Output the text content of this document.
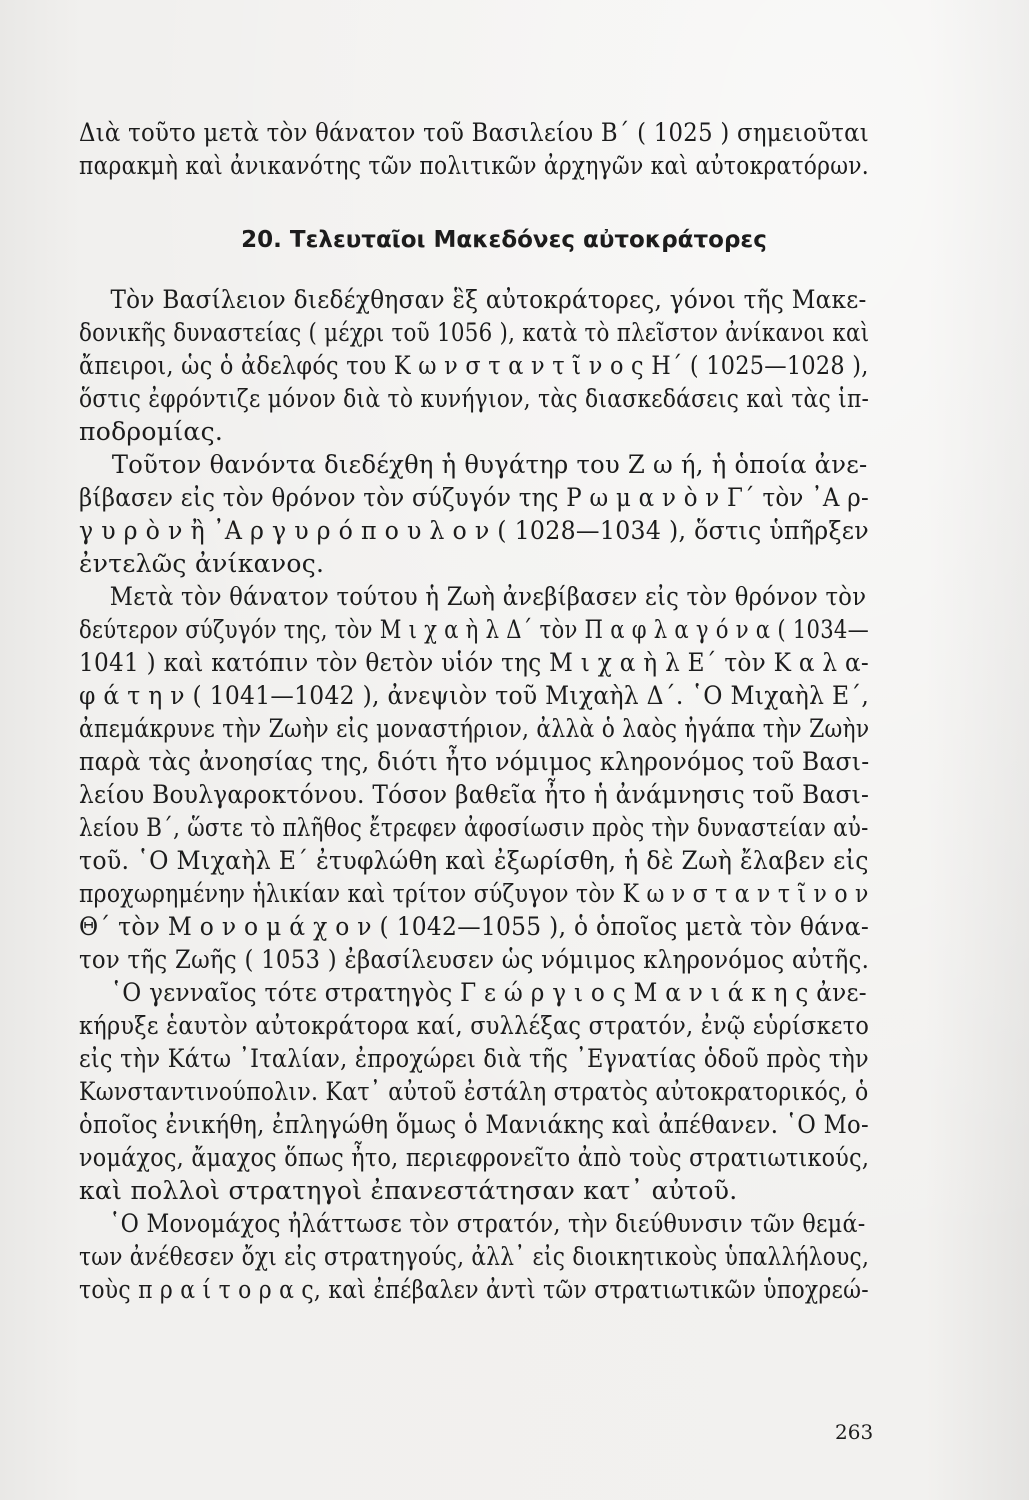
Διὰ τοῦτο μετὰ τὸν θάνατον τοῦ Βασιλείου Β΄ ( 1025 ) σημειοῦται

παρακμὴ καὶ ἀνικανότης τῶν πολιτικῶν ἀρχηγῶν καὶ αὐτοκρατόρων.

20. Τελευταῖοι Μακεδόνες αὐτοκράτορες

Τὸν Βασίλειον διεδέχθησαν ἓξ αὐτοκράτορες, γόνοι τῆς Μακε-

δονικῆς δυναστείας ( μέχρι τοῦ 1056 ), κατὰ τὸ πλεῖστον ἀνίκανοι καὶ

ἄπειροι, ὡς ὁ ἀδελφός του Κ ω ν σ τ α ν τ ῖ ν ο ς Η΄ ( 1025—1028 ),

ὅστις ἐφρόντιζε μόνον διὰ τὸ κυνήγιον, τὰς διασκεδάσεις καὶ τὰς ἱπ-

ποδρομίας.

Τοῦτον θανόντα διεδέχθη ἡ θυγάτηρ του Ζ ω ή, ἡ ὁποία ἀνε-

βίβασεν εἰς τὸν θρόνον τὸν σύζυγόν της Ρ ω μ α ν ὸ ν Γ΄ τὸν ᾿Α ρ-

γ υ ρ ὸ ν ἢ ᾿Α ρ γ υ ρ ό π ο υ λ ο ν ( 1028—1034 ), ὅστις ὑπῆρξεν

ἐντελῶς ἀνίκανος.

Μετὰ τὸν θάνατον τούτου ἡ Ζωὴ ἀνεβίβασεν εἰς τὸν θρόνον τὸν

δεύτερον σύζυγόν της, τὸν Μ ι χ α ὴ λ Δ΄ τὸν Π α φ λ α γ ό ν α ( 1034—

1041 ) καὶ κατόπιν τὸν θετὸν υἱόν της Μ ι χ α ὴ λ Ε΄ τὸν Κ α λ α-

φ ά τ η ν ( 1041—1042 ), ἀνεψιὸν τοῦ Μιχαὴλ Δ΄. ῾Ο Μιχαὴλ Ε΄,

ἀπεμάκρυνε τὴν Ζωὴν εἰς μοναστήριον, ἀλλὰ ὁ λαὸς ἠγάπα τὴν Ζωὴν

παρὰ τὰς ἀνοησίας της, διότι ἦτο νόμιμος κληρονόμος τοῦ Βασι-

λείου Βουλγαροκτόνου. Τόσον βαθεῖα ἦτο ἡ ἀνάμνησις τοῦ Βασι-

λείου Β΄, ὥστε τὸ πλῆθος ἔτρεφεν ἀφοσίωσιν πρὸς τὴν δυναστείαν αὐ-

τοῦ. ῾Ο Μιχαὴλ Ε΄ ἐτυφλώθη καὶ ἐξωρίσθη, ἡ δὲ Ζωὴ ἔλαβεν εἰς

προχωρημένην ἡλικίαν καὶ τρίτον σύζυγον τὸν Κ ω ν σ τ α ν τ ῖ ν ο ν

Θ΄ τὸν Μ ο ν ο μ ά χ ο ν ( 1042—1055 ), ὁ ὁποῖος μετὰ τὸν θάνα-

τον τῆς Ζωῆς ( 1053 ) ἐβασίλευσεν ὡς νόμιμος κληρονόμος αὐτῆς.

῾Ο γενναῖος τότε στρατηγὸς Γ ε ώ ρ γ ι ο ς Μ α ν ι ά κ η ς ἀνε-

κήρυξε ἑαυτὸν αὐτοκράτορα καί, συλλέξας στρατόν, ἐνῷ εὑρίσκετο

εἰς τὴν Κάτω ᾿Ιταλίαν, ἐπροχώρει διὰ τῆς ᾿Εγνατίας ὁδοῦ πρὸς τὴν

Κωνσταντινούπολιν. Κατ᾿ αὐτοῦ ἐστάλη στρατὸς αὐτοκρατορικός, ὁ

ὁποῖος ἐνικήθη, ἐπληγώθη ὅμως ὁ Μανιάκης καὶ ἀπέθανεν. ῾Ο Μο-

νομάχος, ἄμαχος ὅπως ἦτο, περιεφρονεῖτο ἀπὸ τοὺς στρατιωτικούς,

καὶ πολλοὶ στρατηγοὶ ἐπανεστάτησαν κατ᾿ αὐτοῦ.

῾Ο Μονομάχος ἠλάττωσε τὸν στρατόν, τὴν διεύθυνσιν τῶν θεμά-

των ἀνέθεσεν ὄχι εἰς στρατηγούς, ἀλλ᾿ εἰς διοικητικοὺς ὑπαλλήλους,

τοὺς π ρ α ί τ ο ρ α ς, καὶ ἐπέβαλεν ἀντὶ τῶν στρατιωτικῶν ὑποχρεώ-

263
